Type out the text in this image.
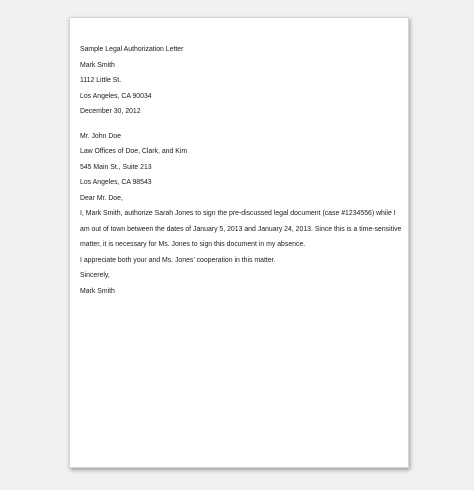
Sample Legal Authorization Letter
Mark Smith
1112 Little St.
Los Angeles, CA 90034
December 30, 2012
Mr. John Doe
Law Offices of Doe, Clark, and Kim
545 Main St., Suite 213
Los Angeles, CA 98543
Dear Mr. Doe,
I, Mark Smith, authorize Sarah Jones to sign the pre-discussed legal document (case #1234556) while I
am out of town between the dates of January 5, 2013 and January 24, 2013. Since this is a time-sensitive
matter, it is necessary for Ms. Jones to sign this document in my absence.
I appreciate both your and Ms. Jones’ cooperation in this matter.
Sincerely,
Mark Smith
